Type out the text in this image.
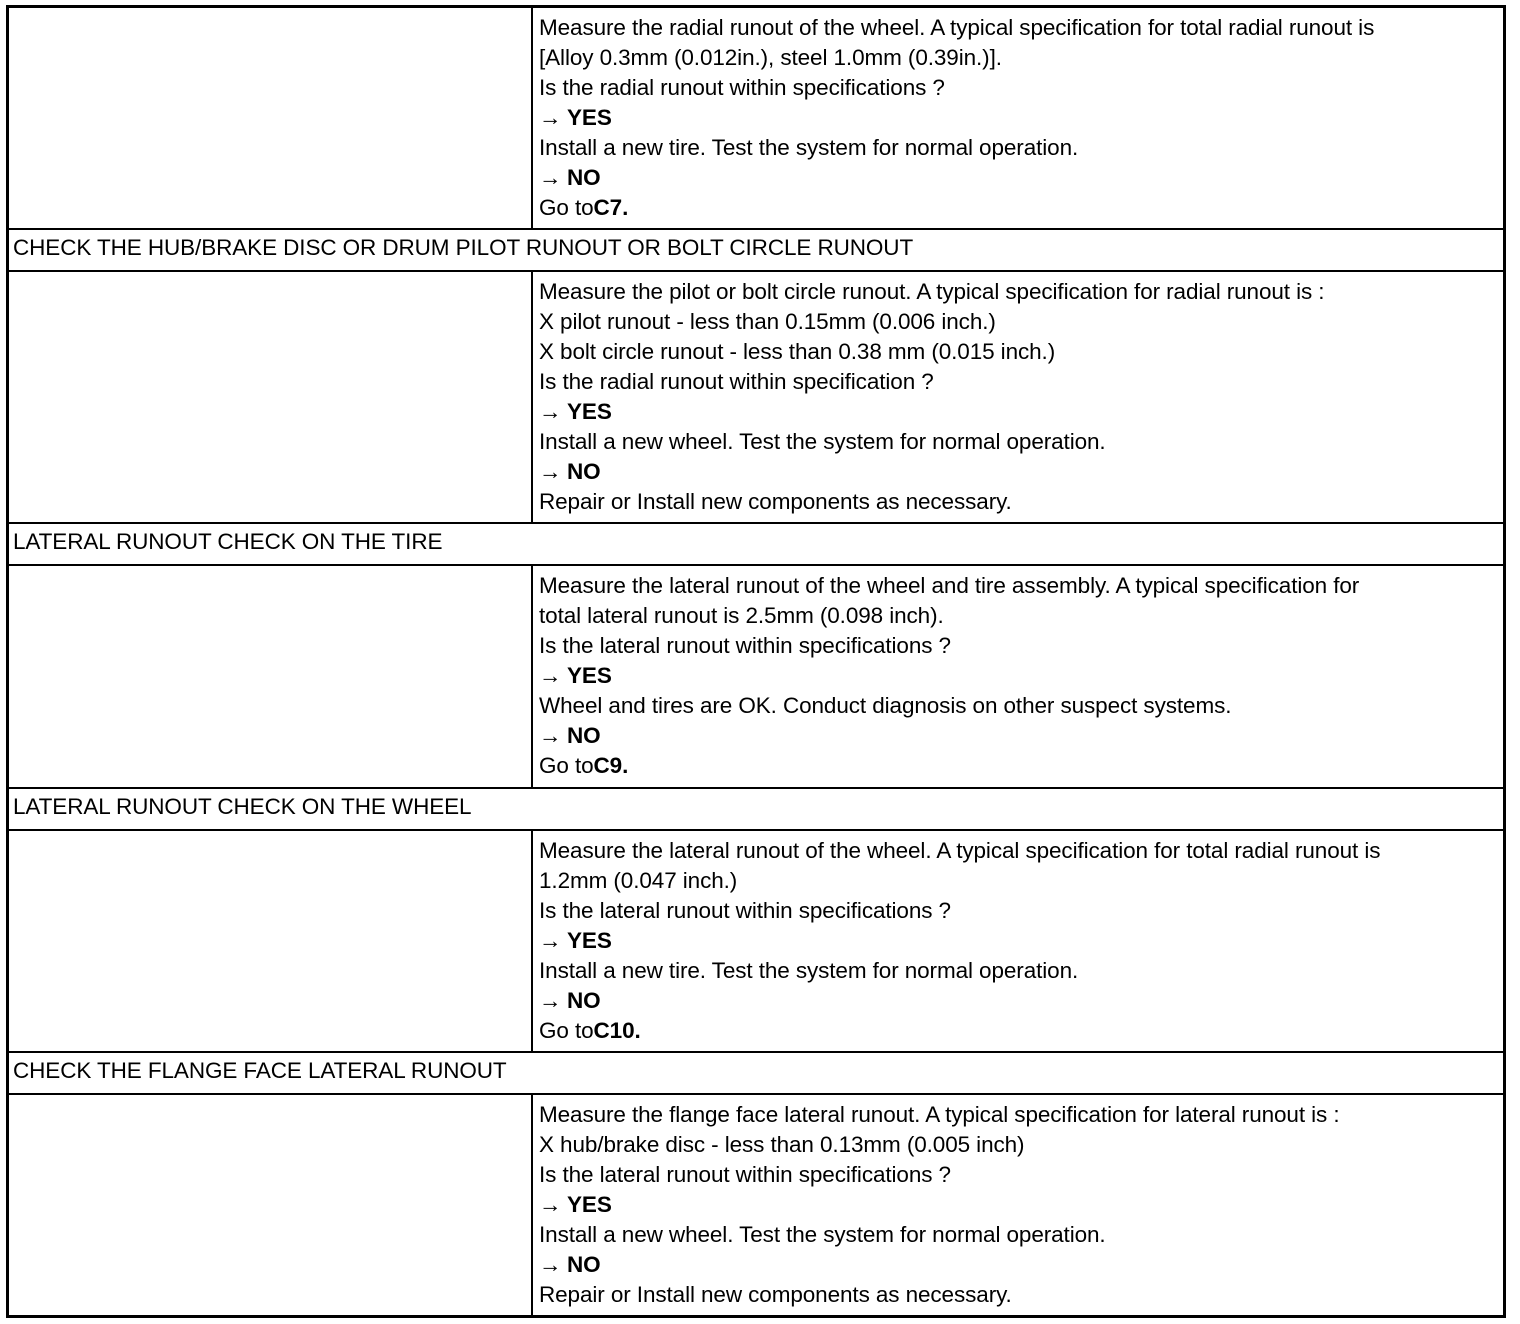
Measure the radial runout of the wheel. A typical specification for total radial runout is
[Alloy 0.3mm (0.012in.), steel 1.0mm (0.39in.)].
Is the radial runout within specifications ?
→ YES
Install a new tire. Test the system for normal operation.
→ NO
Go toC7.
CHECK THE HUB/BRAKE DISC OR DRUM PILOT RUNOUT OR BOLT CIRCLE RUNOUT
Measure the pilot or bolt circle runout. A typical specification for radial runout is :
X pilot runout - less than 0.15mm (0.006 inch.)
X bolt circle runout - less than 0.38 mm (0.015 inch.)
Is the radial runout within specification ?
→ YES
Install a new wheel. Test the system for normal operation.
→ NO
Repair or Install new components as necessary.
LATERAL RUNOUT CHECK ON THE TIRE
Measure the lateral runout of the wheel and tire assembly. A typical specification for
total lateral runout is 2.5mm (0.098 inch).
Is the lateral runout within specifications ?
→ YES
Wheel and tires are OK. Conduct diagnosis on other suspect systems.
→ NO
Go toC9.
LATERAL RUNOUT CHECK ON THE WHEEL
Measure the lateral runout of the wheel. A typical specification for total radial runout is
1.2mm (0.047 inch.)
Is the lateral runout within specifications ?
→ YES
Install a new tire. Test the system for normal operation.
→ NO
Go toC10.
CHECK THE FLANGE FACE LATERAL RUNOUT
Measure the flange face lateral runout. A typical specification for lateral runout is :
X hub/brake disc - less than 0.13mm (0.005 inch)
Is the lateral runout within specifications ?
→ YES
Install a new wheel. Test the system for normal operation.
→ NO
Repair or Install new components as necessary.
